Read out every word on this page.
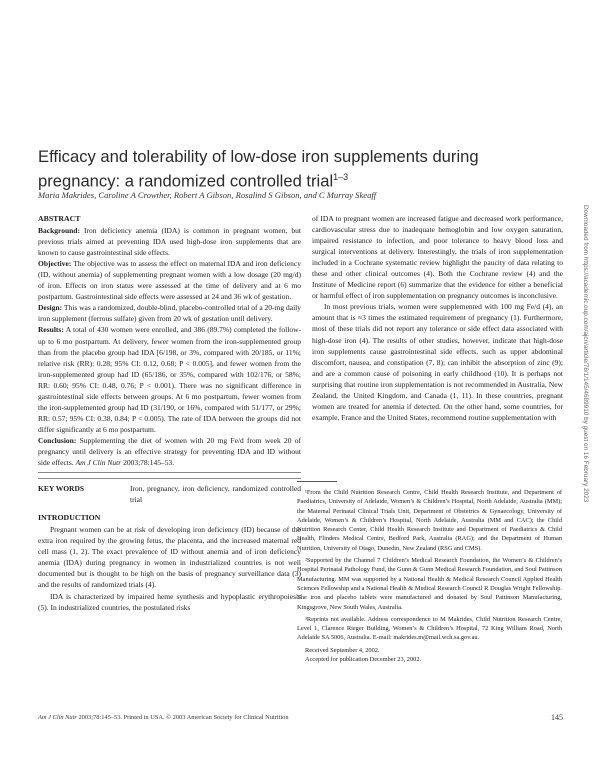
Efficacy and tolerability of low-dose iron supplements during pregnancy: a randomized controlled trial$^{1-3}$
Maria Makrides, Caroline A Crowther, Robert A Gibson, Rosalind S Gibson, and C Murray Skeaff
ABSTRACT

Background: Iron deficiency anemia (IDA) is common in pregnant women, but previous trials aimed at preventing IDA used high-dose iron supplements that are known to cause gastrointestinal side effects.

Objective: The objective was to assess the effect on maternal IDA and iron deficiency (ID, without anemia) of supplementing pregnant women with a low dosage (20 mg/d) of iron. Effects on iron status were assessed at the time of delivery and at 6 mo postpartum. Gastrointestinal side effects were assessed at 24 and 36 wk of gestation.

Design: This was a randomized, double-blind, placebo-controlled trial of a 20-mg daily iron supplement (ferrous sulfate) given from 20 wk of gestation until delivery.

Results: A total of 430 women were enrolled, and 386 (89.7%) completed the follow-up to 6 mo postpartum. At delivery, fewer women from the iron-supplemented group than from the placebo group had IDA [6/198, or 3%, compared with 20/185, or 11%; relative risk (RR): 0.28; 95% CI: 0.12, 0.68; P < 0.005], and fewer women from the iron-supplemented group had ID (65/186, or 35%, compared with 102/176, or 58%; RR: 0.60; 95% CI: 0.48, 0.76; P < 0.001). There was no significant difference in gastrointestinal side effects between groups. At 6 mo postpartum, fewer women from the iron-supplemented group had ID (31/190, or 16%, compared with 51/177, or 29%; RR: 0.57; 95% CI: 0.38, 0.84; P < 0.005). The rate of IDA between the groups did not differ significantly at 6 mo postpartum.

Conclusion: Supplementing the diet of women with 20 mg Fe/d from week 20 of pregnancy until delivery is an effective strategy for preventing IDA and ID without side effects. Am J Clin Nutr 2003;78:145–53.

KEY WORDS	Iron, pregnancy, iron deficiency, randomized controlled trial
INTRODUCTION

Pregnant women can be at risk of developing iron deficiency (ID) because of the extra iron required by the growing fetus, the placenta, and the increased maternal red cell mass (1, 2). The exact prevalence of ID without anemia and of iron deficiency anemia (IDA) during pregnancy in women in industrialized countries is not well documented but is thought to be high on the basis of pregnancy surveillance data (3) and the results of randomized trials (4).

IDA is characterized by impaired heme synthesis and hypoplastic erythropoiesis (5). In industrialized countries, the postulated risks

of IDA to pregnant women are increased fatigue and decreased work performance, cardiovascular stress due to inadequate hemoglobin and low oxygen saturation, impaired resistance to infection, and poor tolerance to heavy blood loss and surgical interventions at delivery. Interestingly, the trials of iron supplementation included in a Cochrane systematic review highlight the paucity of data relating to these and other clinical outcomes (4). Both the Cochrane review (4) and the Institute of Medicine report (6) summarize that the evidence for either a beneficial or harmful effect of iron supplementation on pregnancy outcomes is inconclusive.

In most previous trials, women were supplemented with 100 mg Fe/d (4), an amount that is ≈3 times the estimated requirement of pregnancy (1). Furthermore, most of these trials did not report any tolerance or side effect data associated with high-dose iron (4). The results of other studies, however, indicate that high-dose iron supplements cause gastrointestinal side effects, such as upper abdominal discomfort, nausea, and constipation (7, 8); can inhibit the absorption of zinc (9); and are a common cause of poisoning in early childhood (10). It is perhaps not surprising that routine iron supplementation is not recommended in Australia, New Zealand, the United Kingdom, and Canada (1, 11). In these countries, pregnant women are treated for anemia if detected. On the other hand, some countries, for example, France and the United States, recommend routine supplementation with

¹From the Child Nutrition Research Centre, Child Health Research Institute, and Department of Paediatrics, University of Adelaide, Women’s & Children’s Hospital, North Adelaide, Australia (MM); the Maternal Perinatal Clinical Trials Unit, Department of Obstetrics & Gynaecology, University of Adelaide, Women’s & Children’s Hospital, North Adelaide, Australia (MM and CAC); the Child Nutrition Research Center, Child Health Research Institute and Department of Paediatrics & Child Health, Flinders Medical Centre, Bedford Park, Australia (RAG); and the Department of Human Nutrition, University of Otago, Dunedin, New Zealand (RSG and CMS).

²Supported by the Channel 7 Children’s Medical Research Foundation, the Women’s & Children’s Hospital Perinatal Pathology Fund, the Gunn & Gunn Medical Research Foundation, and Soul Pattinson Manufacturing. MM was supported by a National Health & Medical Research Council Applied Health Sciences Fellowship and a National Health & Medical Research Council R Douglas Wright Fellowship. The iron and placebo tablets were manufactured and donated by Soul Pattinson Manufacturing, Kingsgrove, New South Wales, Australia.

³Reprints not available. Address correspondence to M Makrides, Child Nutrition Research Centre, Level 1, Clarence Rieger Building, Women’s & Children’s Hospital, 72 King William Road, North Adelaide SA 5006, Australia. E-mail: makrides.m@mail.wch.sa.gov.au.

Received September 4, 2002.

Accepted for publication December 23, 2002.

Am J Clin Nutr 2003;78:145–53. Printed in USA. © 2003 American Society for Clinical Nutrition	145
Downloaded from https://academic.oup.com/ajcn/article/78/1/145/4689910 by guest on 16 February 2023
